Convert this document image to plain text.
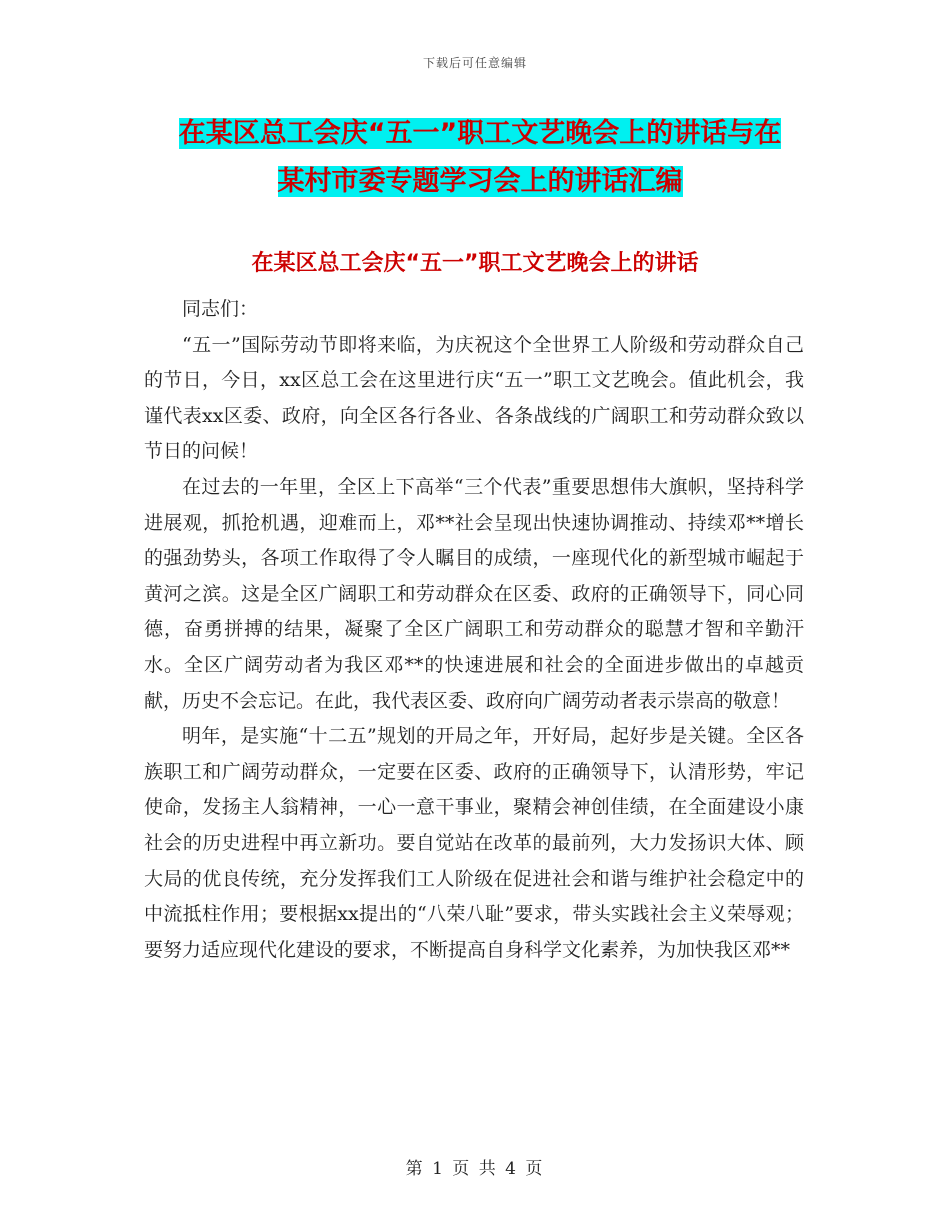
下载后可任意编辑
在某区总工会庆“五一”职工文艺晚会上的讲话与在
某村市委专题学习会上的讲话汇编
在某区总工会庆“五一”职工文艺晚会上的讲话

同志们：

“五一”国际劳动节即将来临，为庆祝这个全世界工人阶级和劳动群众自己的节日，今日，xx区总工会在这里进行庆“五一”职工文艺晚会。值此机会，我谨代表xx区委、政府，向全区各行各业、各条战线的广阔职工和劳动群众致以节日的问候！

在过去的一年里，全区上下高举“三个代表”重要思想伟大旗帜，坚持科学进展观，抓抢机遇，迎难而上，邓**社会呈现出快速协调推动、持续邓**增长的强劲势头，各项工作取得了令人瞩目的成绩，一座现代化的新型城市崛起于黄河之滨。这是全区广阔职工和劳动群众在区委、政府的正确领导下，同心同德，奋勇拼搏的结果，凝聚了全区广阔职工和劳动群众的聪慧才智和辛勤汗水。全区广阔劳动者为我区邓**的快速进展和社会的全面进步做出的卓越贡献，历史不会忘记。在此，我代表区委、政府向广阔劳动者表示崇高的敬意！

明年，是实施“十二五”规划的开局之年，开好局，起好步是关键。全区各族职工和广阔劳动群众，一定要在区委、政府的正确领导下，认清形势，牢记使命，发扬主人翁精神，一心一意干事业，聚精会神创佳绩，在全面建设小康社会的历史进程中再立新功。要自觉站在改革的最前列，大力发扬识大体、顾大局的优良传统，充分发挥我们工人阶级在促进社会和谐与维护社会稳定中的中流抵柱作用；要根据xx提出的“八荣八耻”要求，带头实践社会主义荣辱观；要努力适应现代化建设的要求，不断提高自身科学文化素养，为加快我区邓**

第 1 页 共 4 页
